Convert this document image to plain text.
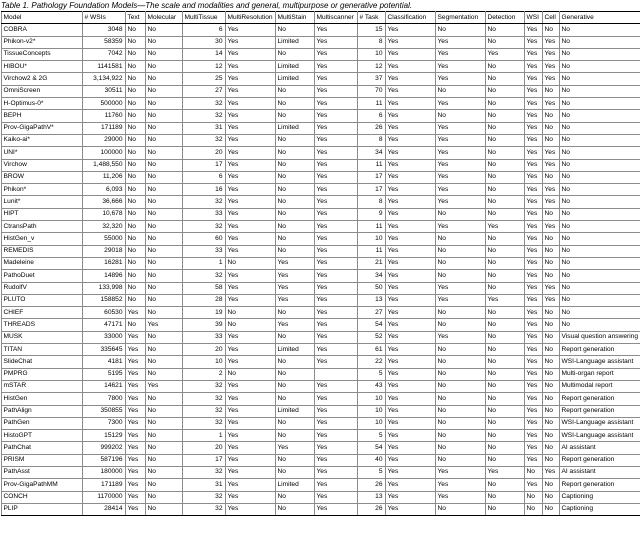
Table 1. Pathology Foundation Models—The scale and modalities and general, multipurpose or generative potential.
Model	# WSIs	Text	Molecular	MultiTissue	MultiResolution	MultiStain	Multiscanner	# Task	Classification	Segmentation	Detection	WSI	Cell	Generative
COBRA	3048	No	No	6	Yes	No	Yes	15	Yes	No	No	Yes	No	No
Phikon-v2*	58359	No	No	30	Yes	Limited	Yes	8	Yes	Yes	No	Yes	Yes	No
TissueConcepts	7042	No	No	14	Yes	No	Yes	10	Yes	Yes	Yes	Yes	Yes	No
HIBOU*	1141581	No	No	12	Yes	Limited	Yes	12	Yes	Yes	No	Yes	Yes	No
Virchow2 & 2G	3,134,922	No	No	25	Yes	Limited	Yes	37	Yes	Yes	No	Yes	Yes	No
OmniScreen	30511	No	No	27	Yes	No	Yes	70	Yes	No	No	Yes	No	No
H-Optimus-0*	500000	No	No	32	Yes	No	Yes	11	Yes	Yes	No	Yes	Yes	No
BEPH	11760	No	No	32	Yes	No	Yes	6	Yes	No	No	Yes	No	No
Prov-GigaPathV*	171189	No	No	31	Yes	Limited	Yes	26	Yes	Yes	No	Yes	No	No
Kaiko-ai*	29000	No	No	32	Yes	No	Yes	8	Yes	Yes	No	Yes	No	No
UNI*	100000	No	No	20	Yes	No	Yes	34	Yes	Yes	No	Yes	Yes	No
Virchow	1,488,550	No	No	17	Yes	No	Yes	11	Yes	Yes	No	Yes	Yes	No
BROW	11,206	No	No	6	Yes	No	Yes	17	Yes	Yes	No	Yes	No	No
Phikon*	6,093	No	No	16	Yes	No	Yes	17	Yes	Yes	No	Yes	Yes	No
Lunit*	36,666	No	No	32	Yes	No	Yes	8	Yes	Yes	No	Yes	Yes	No
HIPT	10,678	No	No	33	Yes	No	Yes	9	Yes	No	No	Yes	No	No
CtransPath	32,320	No	No	32	Yes	No	Yes	11	Yes	Yes	Yes	Yes	Yes	No
HistGen_v	55000	No	No	60	Yes	No	Yes	10	Yes	No	No	Yes	No	No
REMEDIS	29018	No	No	33	Yes	No	Yes	11	Yes	No	No	Yes	No	No
Madeleine	16281	No	No	1	No	Yes	Yes	21	Yes	No	No	Yes	No	No
PathoDuet	14896	No	No	32	Yes	Yes	Yes	34	Yes	No	No	Yes	No	No
RudolfV	133,998	No	No	58	Yes	Yes	Yes	50	Yes	Yes	No	Yes	Yes	No
PLUTO	158852	No	No	28	Yes	Yes	Yes	13	Yes	Yes	Yes	Yes	Yes	No
CHIEF	60530	Yes	No	19	No	No	Yes	27	Yes	No	No	Yes	No	No
THREADS	47171	No	Yes	39	No	Yes	Yes	54	Yes	No	No	Yes	No	No
MUSK	33000	Yes	No	33	Yes	No	Yes	52	Yes	Yes	No	Yes	No	Visual question answering
TITAN	335645	Yes	No	20	Yes	Limited	Yes	61	Yes	No	No	Yes	No	Report generation
SlideChat	4181	Yes	No	10	Yes	No	Yes	22	Yes	No	No	Yes	No	WSI-Language assistant
PMPRG	5195	Yes	No	2	No	No		5	Yes	No	No	Yes	No	Multi-organ report
mSTAR	14621	Yes	Yes	32	Yes	No	Yes	43	Yes	No	No	Yes	No	Multimodal report
HistGen	7800	Yes	No	32	Yes	No	Yes	10	Yes	No	No	Yes	No	Report generation
PathAlign	350855	Yes	No	32	Yes	Limited	Yes	10	Yes	No	No	Yes	No	Report generation
PathGen	7300	Yes	No	32	Yes	No	Yes	10	Yes	No	No	Yes	No	WSI-Language assistant
HistoGPT	15129	Yes	No	1	Yes	No	Yes	5	Yes	No	No	Yes	No	WSI-Language assistant
PathChat	999202	Yes	No	20	Yes	Yes	Yes	54	Yes	No	No	Yes	No	AI assistant
PRISM	587196	Yes	No	17	Yes	No	Yes	40	Yes	No	No	Yes	No	Report generation
PathAsst	180000	Yes	No	32	Yes	No	Yes	5	Yes	Yes	Yes	No	Yes	AI assistant
Prov-GigaPathMM	171189	Yes	No	31	Yes	Limited	Yes	26	Yes	Yes	No	Yes	No	Report generation
CONCH	1170000	Yes	No	32	Yes	No	Yes	13	Yes	Yes	No	No	No	Captioning
PLIP	28414	Yes	No	32	Yes	No	Yes	26	Yes	No	No	No	No	Captioning
